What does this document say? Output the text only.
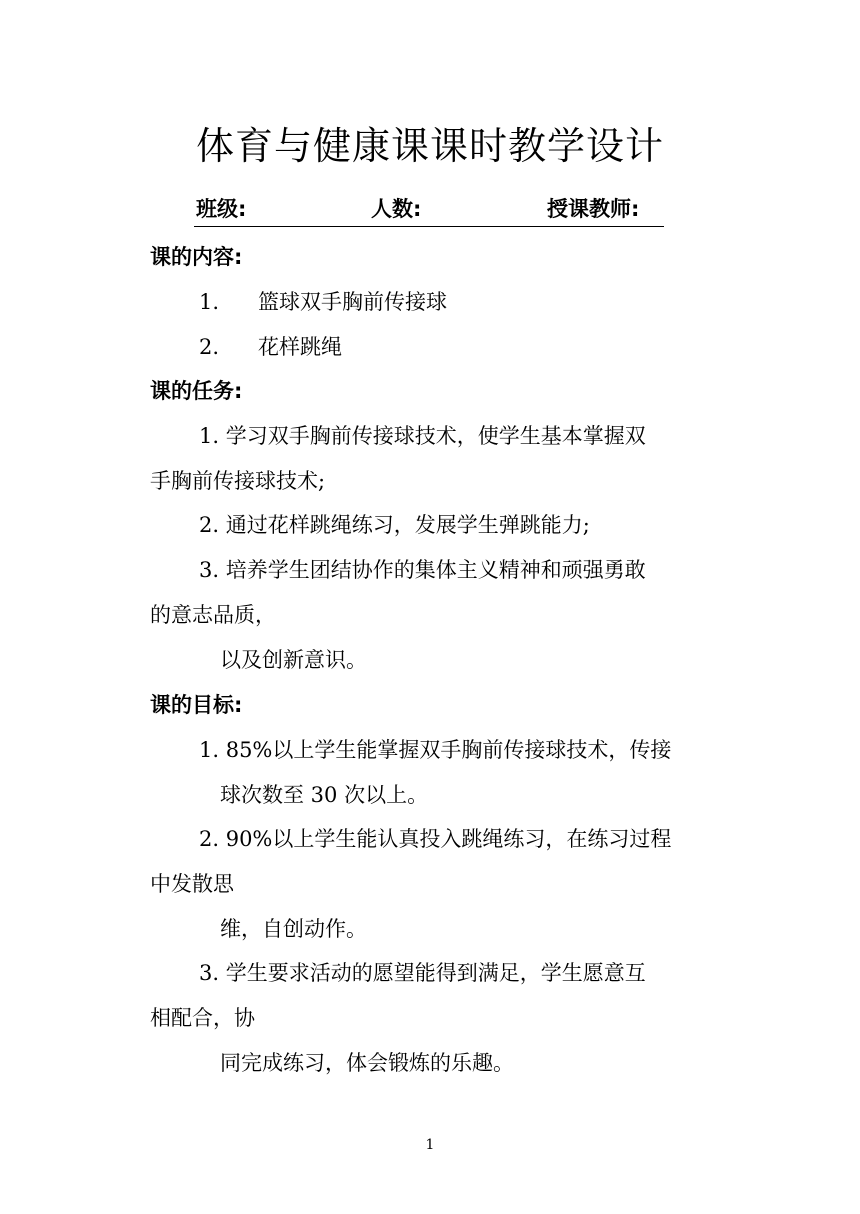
体育与健康课课时教学设计
班级:	人数:	授课教师:
课的内容:
1. 篮球双手胸前传接球
2. 花样跳绳
课的任务:
1. 学习双手胸前传接球技术，使学生基本掌握双
手胸前传接球技术;
2. 通过花样跳绳练习，发展学生弹跳能力;
3. 培养学生团结协作的集体主义精神和顽强勇敢
的意志品质，
以及创新意识。
课的目标:
1. 85%以上学生能掌握双手胸前传接球技术，传接
球次数至 30 次以上。
2. 90%以上学生能认真投入跳绳练习，在练习过程
中发散思
维，自创动作。
3. 学生要求活动的愿望能得到满足，学生愿意互
相配合，协
同完成练习，体会锻炼的乐趣。
1
